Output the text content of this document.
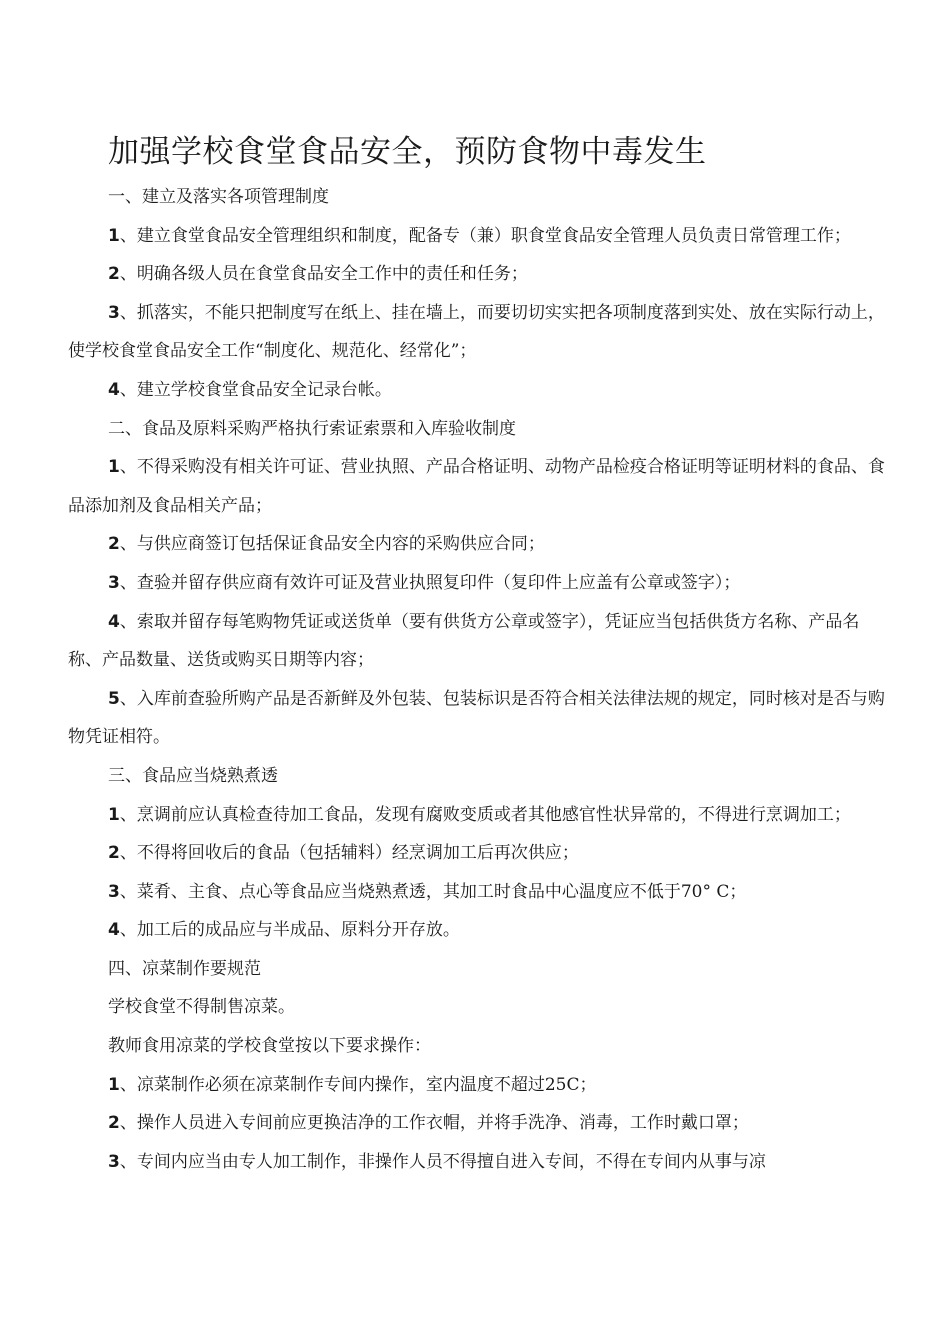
加强学校食堂食品安全，预防食物中毒发生

一、建立及落实各项管理制度

1、建立食堂食品安全管理组织和制度，配备专（兼）职食堂食品安全管理人员负责日常管理工作；

2、明确各级人员在食堂食品安全工作中的责任和任务；

3、抓落实，不能只把制度写在纸上、挂在墙上，而要切切实实把各项制度落到实处、放在实际行动上，使学校食堂食品安全工作“制度化、规范化、经常化”；

4、建立学校食堂食品安全记录台帐。

二、食品及原料采购严格执行索证索票和入库验收制度

1、不得采购没有相关许可证、营业执照、产品合格证明、动物产品检疫合格证明等证明材料的食品、食品添加剂及食品相关产品；

2、与供应商签订包括保证食品安全内容的采购供应合同；

3、查验并留存供应商有效许可证及营业执照复印件（复印件上应盖有公章或签字）；

4、索取并留存每笔购物凭证或送货单（要有供货方公章或签字），凭证应当包括供货方名称、产品名称、产品数量、送货或购买日期等内容；

5、入库前查验所购产品是否新鲜及外包装、包装标识是否符合相关法律法规的规定，同时核对是否与购物凭证相符。

三、食品应当烧熟煮透

1、烹调前应认真检查待加工食品，发现有腐败变质或者其他感官性状异常的，不得进行烹调加工；

2、不得将回收后的食品（包括辅料）经烹调加工后再次供应；

3、菜肴、主食、点心等食品应当烧熟煮透，其加工时食品中心温度应不低于70° C；

4、加工后的成品应与半成品、原料分开存放。

四、凉菜制作要规范

学校食堂不得制售凉菜。

教师食用凉菜的学校食堂按以下要求操作：

1、凉菜制作必须在凉菜制作专间内操作，室内温度不超过25C；

2、操作人员进入专间前应更换洁净的工作衣帽，并将手洗净、消毒，工作时戴口罩；

3、专间内应当由专人加工制作，非操作人员不得擅自进入专间，不得在专间内从事与凉
